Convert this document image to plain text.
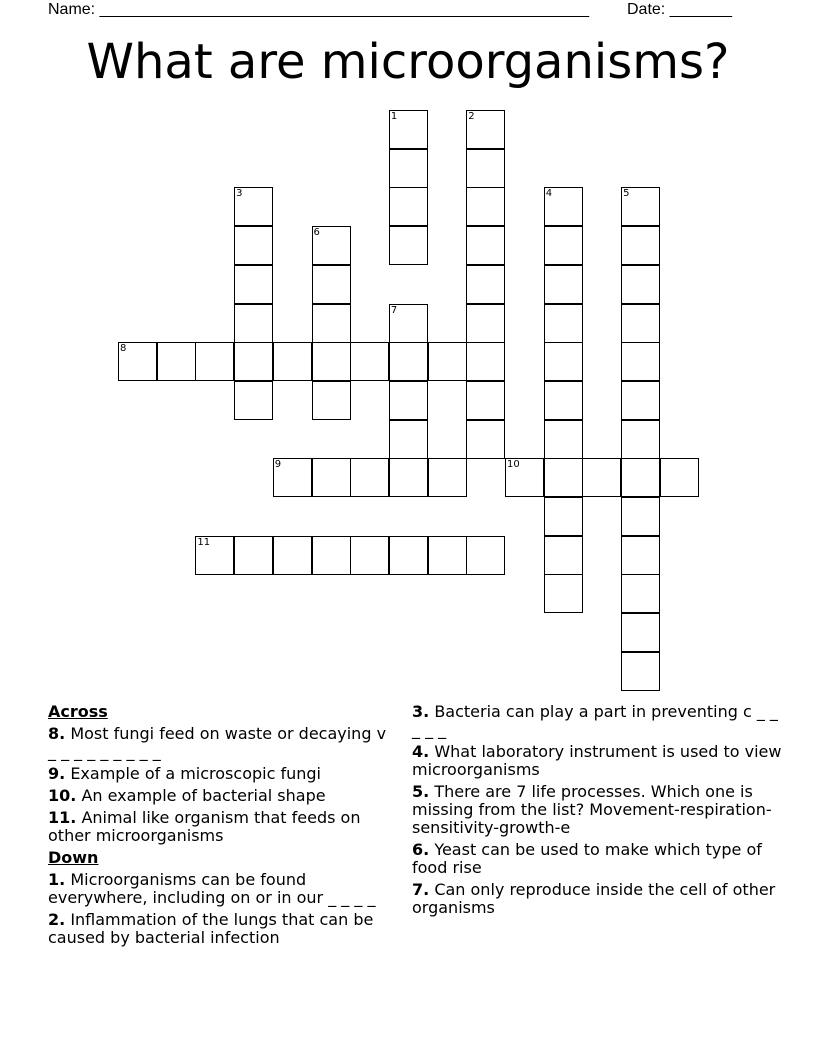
Name: _______________________________________________________ Date: _______
What are microorganisms?
1	2
3	4	5
6
7
8
9	10
11
Across
8. Most fungi feed on waste or decaying v _ _ _ _ _ _ _ _ _
9. Example of a microscopic fungi
10. An example of bacterial shape
11. Animal like organism that feeds on other microorganisms
Down
1. Microorganisms can be found everywhere, including on or in our _ _ _ _
2. Inflammation of the lungs that can be caused by bacterial infection
3. Bacteria can play a part in preventing c _ _ _ _ _
4. What laboratory instrument is used to view microorganisms
5. There are 7 life processes. Which one is missing from the list? Movement-respiration-sensitivity-growth-e
6. Yeast can be used to make which type of food rise
7. Can only reproduce inside the cell of other organisms
